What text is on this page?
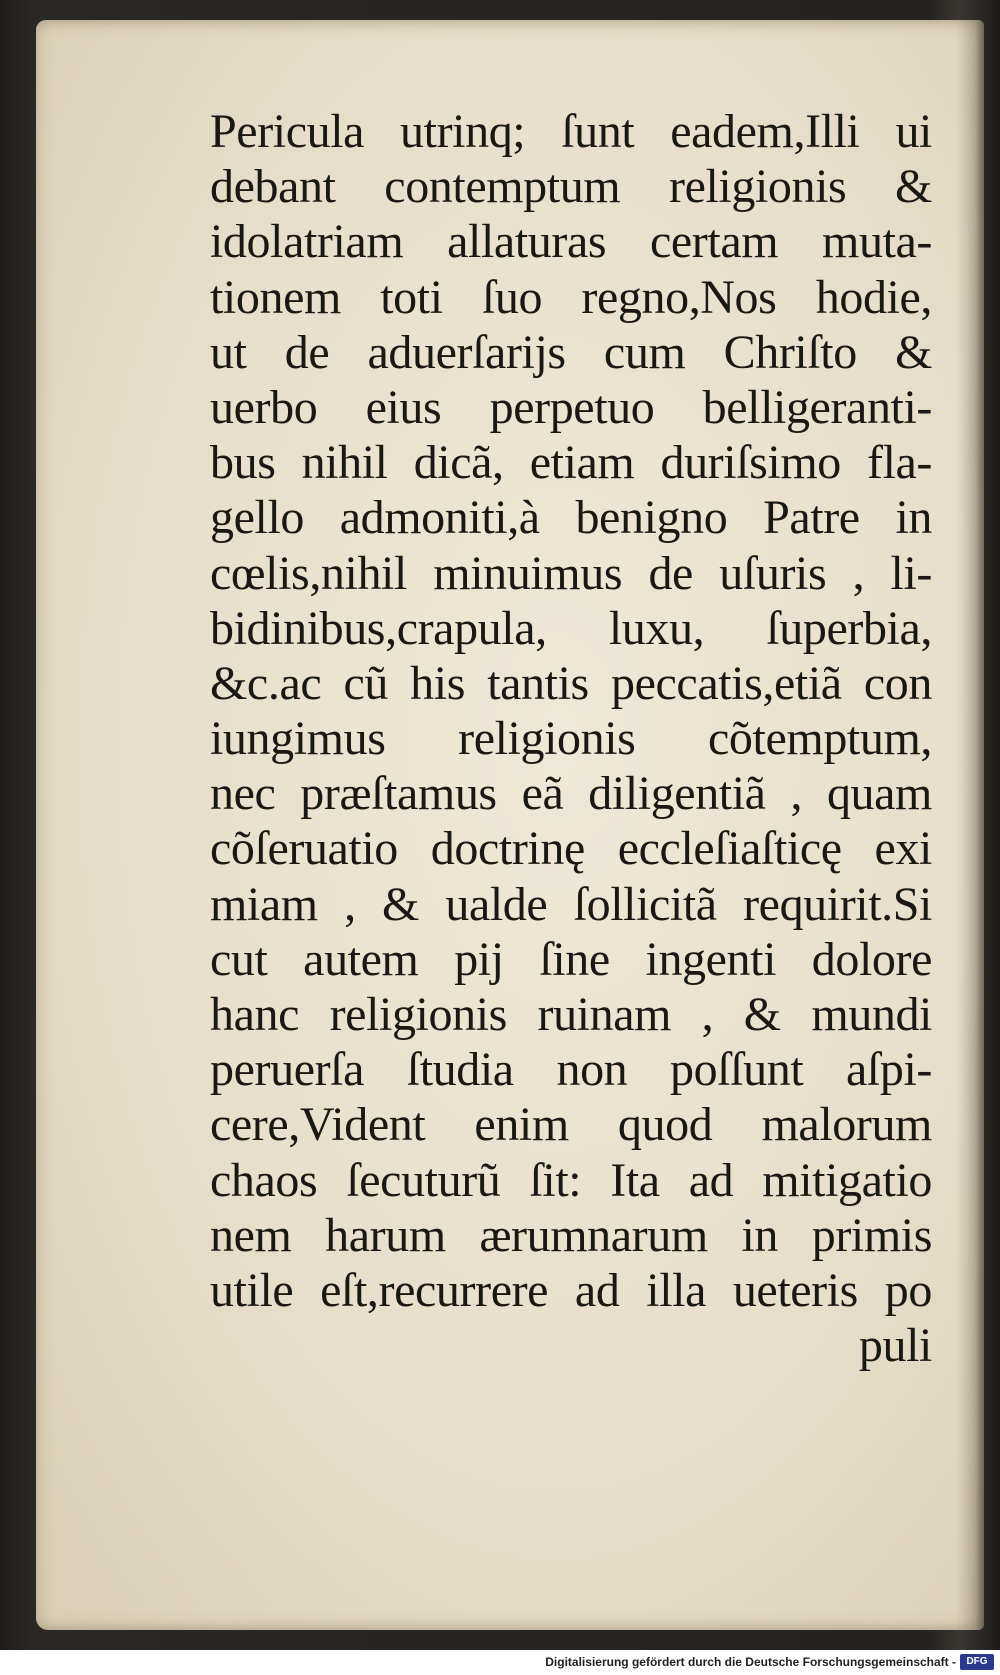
Pericula utrinq; ſunt eadem,Illi ui
debant contemptum religionis &
idolatriam allaturas certam muta-
tionem toti ſuo regno,Nos hodie,
ut de aduerſarijs cum Chriſto &
uerbo eius perpetuo belligeranti-
bus nihil dicã, etiam duriſsimo fla-
gello admoniti,à benigno Patre in
cœlis,nihil minuimus de uſuris , li-
bidinibus,crapula, luxu, ſuperbia,
&c.ac cũ his tantis peccatis,etiã con
iungimus religionis cõtemptum,
nec præſtamus eã diligentiã , quam
cõſeruatio doctrinę eccleſiaſticę exi
miam , & ualde ſollicitã requirit.Si
cut autem pij ſine ingenti dolore
hanc religionis ruinam , & mundi
peruerſa ſtudia non poſſunt aſpi-
cere,Vident enim quod malorum
chaos ſecuturũ ſit: Ita ad mitigatio
nem harum ærumnarum in primis
utile eſt,recurrere ad illa ueteris po
puli
Digitalisierung gefördert durch die Deutsche Forschungsgemeinschaft -	DFG
